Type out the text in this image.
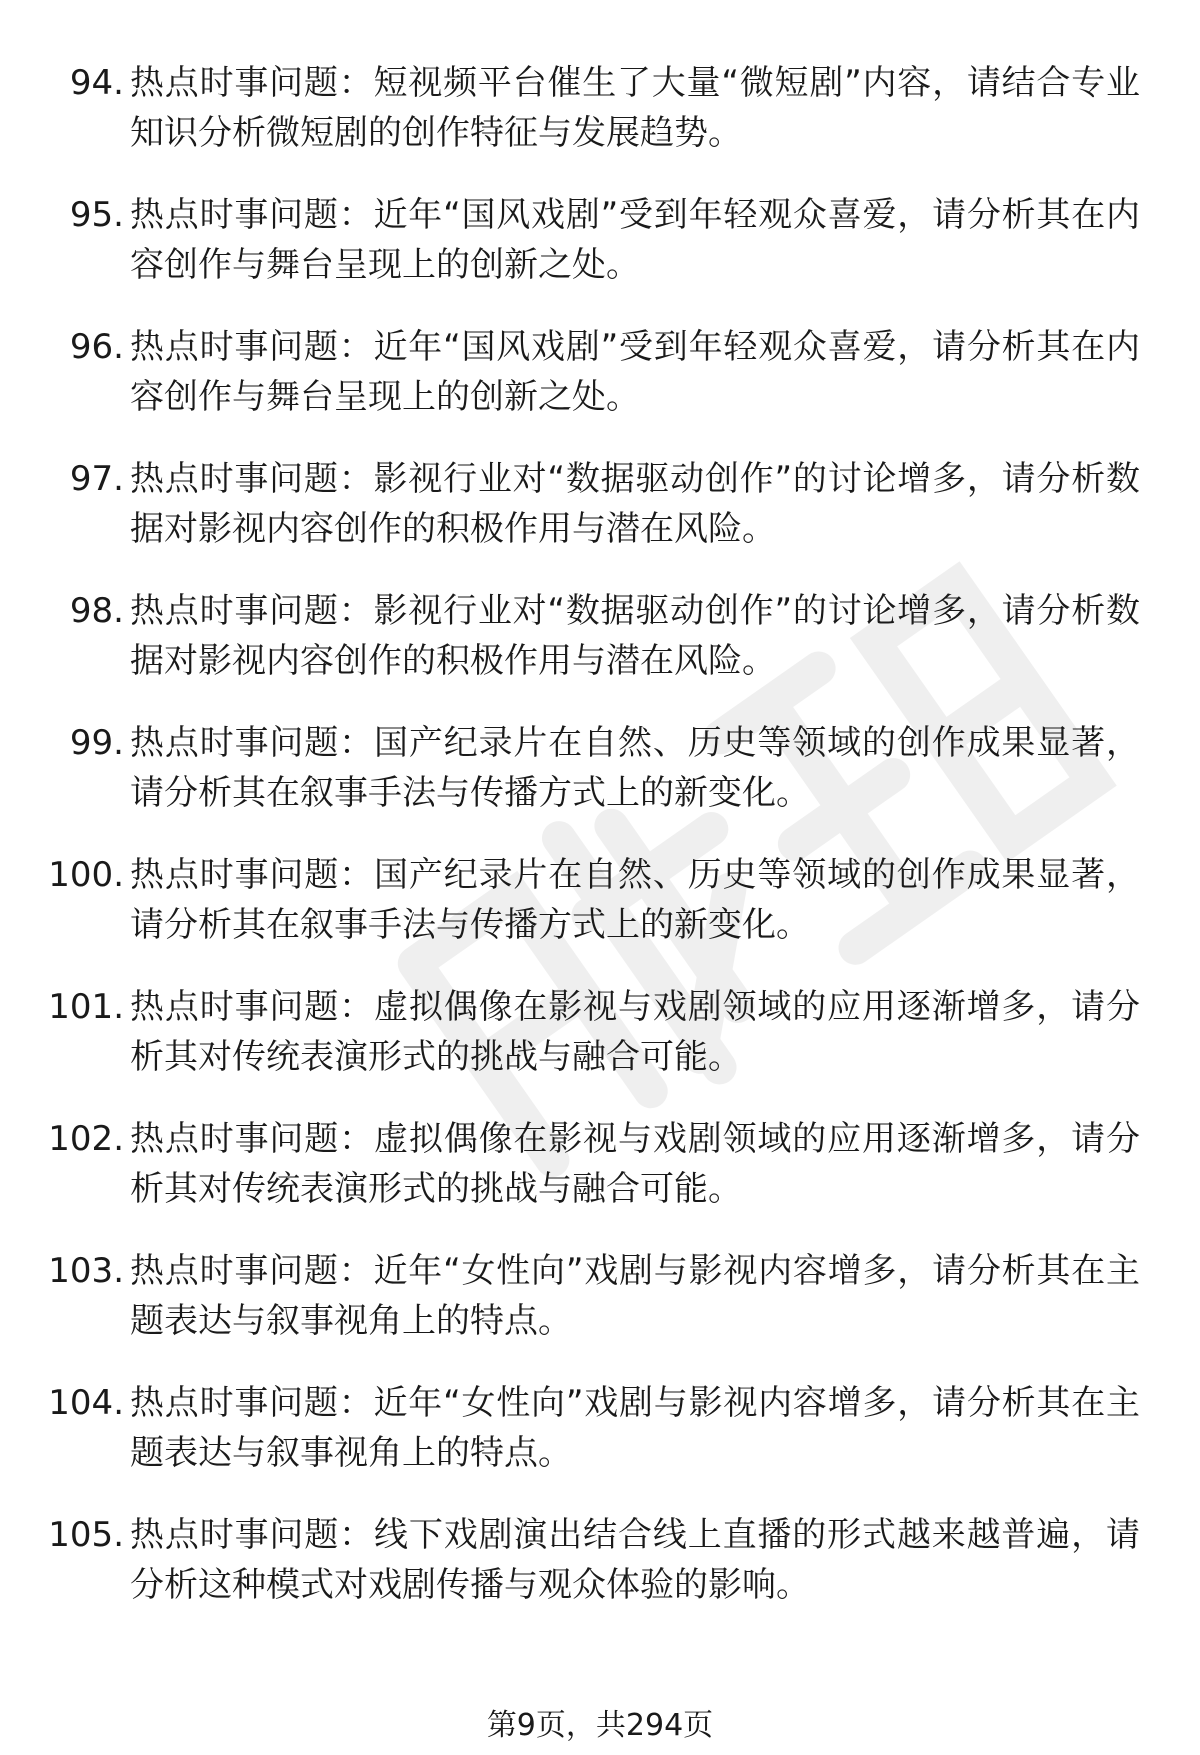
94. 热点时事问题：短视频平台催生了大量“微短剧”内容，请结合专业知识分析微短剧的创作特征与发展趋势。
95. 热点时事问题：近年“国风戏剧”受到年轻观众喜爱，请分析其在内容创作与舞台呈现上的创新之处。
96. 热点时事问题：近年“国风戏剧”受到年轻观众喜爱，请分析其在内容创作与舞台呈现上的创新之处。
97. 热点时事问题：影视行业对“数据驱动创作”的讨论增多，请分析数据对影视内容创作的积极作用与潜在风险。
98. 热点时事问题：影视行业对“数据驱动创作”的讨论增多，请分析数据对影视内容创作的积极作用与潜在风险。
99. 热点时事问题：国产纪录片在自然、历史等领域的创作成果显著，请分析其在叙事手法与传播方式上的新变化。
100. 热点时事问题：国产纪录片在自然、历史等领域的创作成果显著，请分析其在叙事手法与传播方式上的新变化。
101. 热点时事问题：虚拟偶像在影视与戏剧领域的应用逐渐增多，请分析其对传统表演形式的挑战与融合可能。
102. 热点时事问题：虚拟偶像在影视与戏剧领域的应用逐渐增多，请分析其对传统表演形式的挑战与融合可能。
103. 热点时事问题：近年“女性向”戏剧与影视内容增多，请分析其在主题表达与叙事视角上的特点。
104. 热点时事问题：近年“女性向”戏剧与影视内容增多，请分析其在主题表达与叙事视角上的特点。
105. 热点时事问题：线下戏剧演出结合线上直播的形式越来越普遍，请分析这种模式对戏剧传播与观众体验的影响。
第9页，共294页
